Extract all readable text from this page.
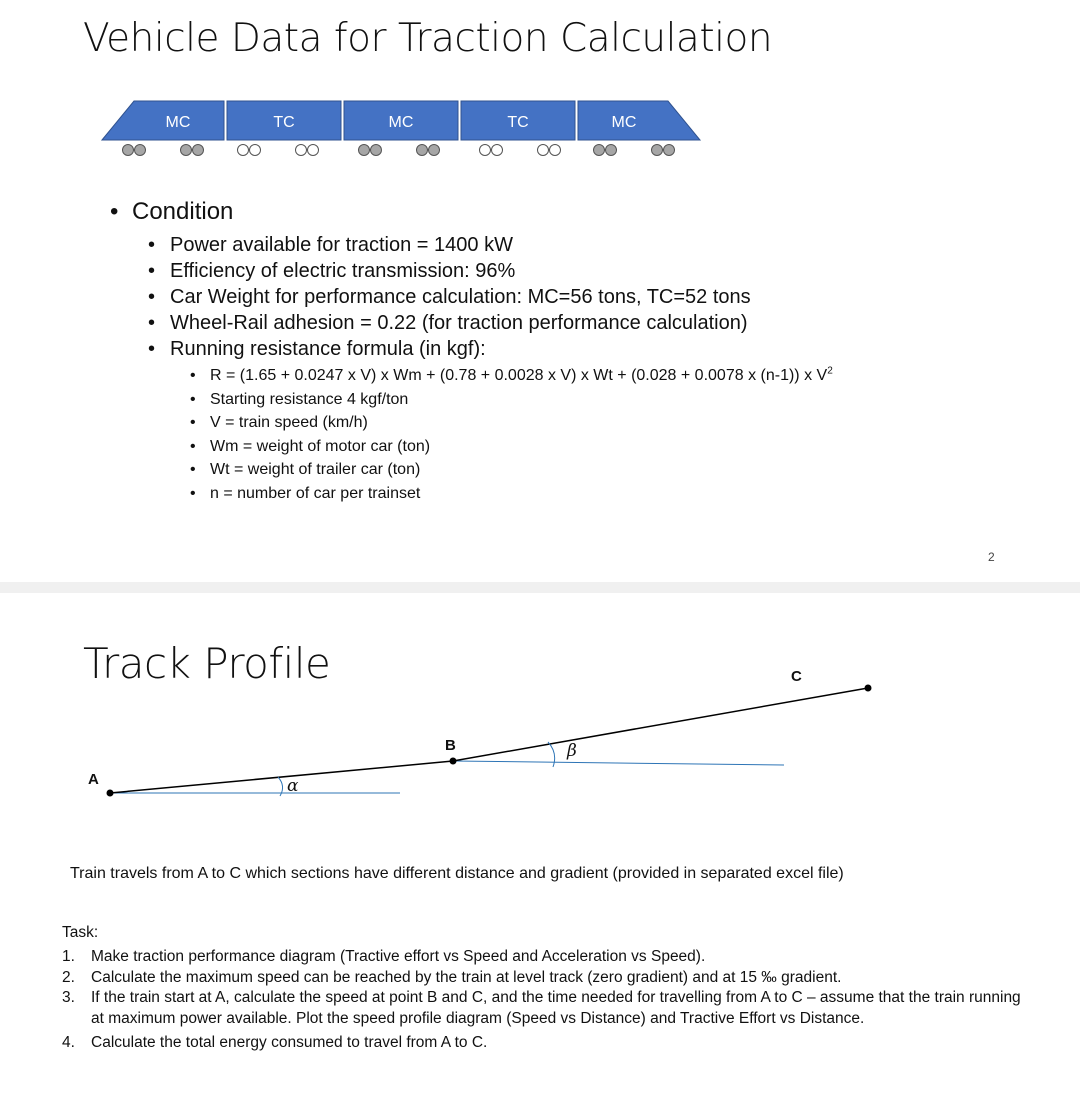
Vehicle Data for Traction Calculation
MC	TC	MC	TC	MC
• Condition
• Power available for traction = 1400 kW
• Efficiency of electric transmission: 96%
• Car Weight for performance calculation: MC=56 tons, TC=52 tons
• Wheel-Rail adhesion = 0.22 (for traction performance calculation)
• Running resistance formula (in kgf):
• R = (1.65 + 0.0247 x V) x Wm + (0.78 + 0.0028 x V) x Wt + (0.028 + 0.0078 x (n-1)) x $V^2$
• Starting resistance 4 kgf/ton
• V = train speed (km/h)
• Wm = weight of motor car (ton)
• Wt = weight of trailer car (ton)
• n = number of car per trainset
2
Track Profile
A
B
C
α
β
Train travels from A to C which sections have different distance and gradient (provided in separated excel file)
Task:
1.	Make traction performance diagram (Tractive effort vs Speed and Acceleration vs Speed).
2.	Calculate the maximum speed can be reached by the train at level track (zero gradient) and at 15 ‰ gradient.
3.	If the train start at A, calculate the speed at point B and C, and the time needed for travelling from A to C – assume that the train running at maximum power available. Plot the speed profile diagram (Speed vs Distance) and Tractive Effort vs Distance.
4.	Calculate the total energy consumed to travel from A to C.
